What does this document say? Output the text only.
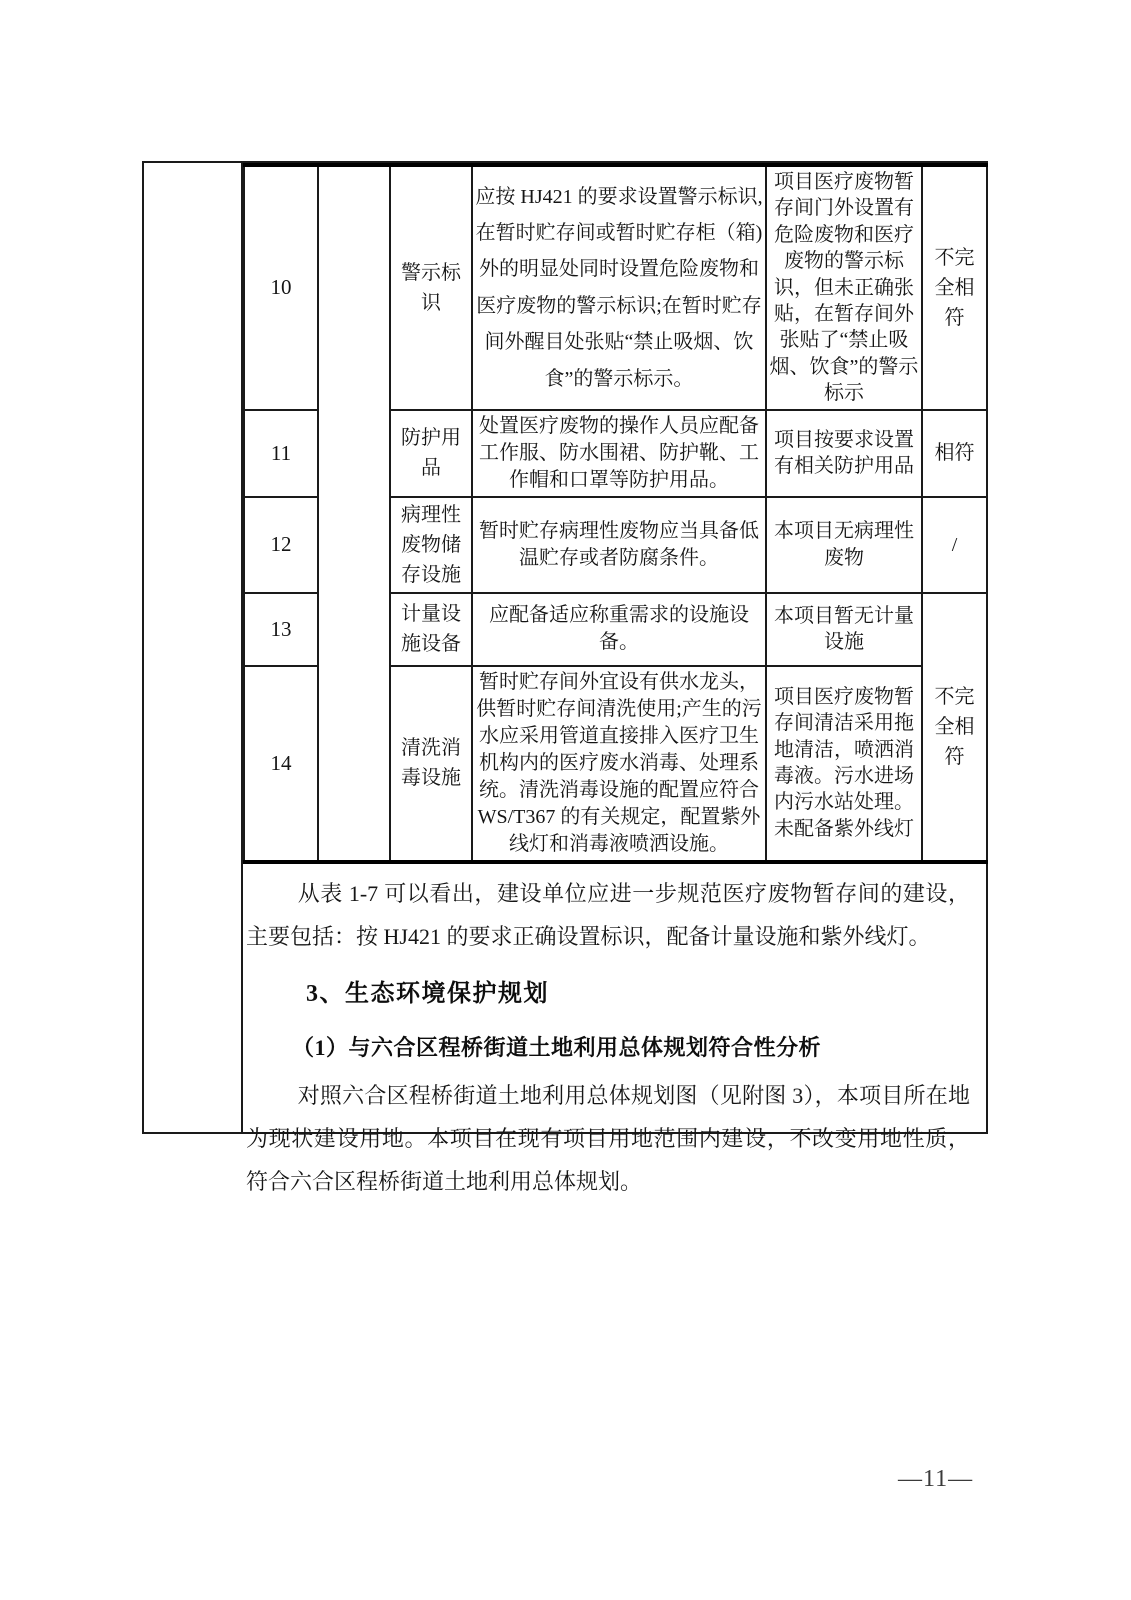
10		警示标识	应按 HJ421 的要求设置警示标识,在暂时贮存间或暂时贮存柜（箱)外的明显处同时设置危险废物和医疗废物的警示标识;在暂时贮存间外醒目处张贴“禁止吸烟、饮食”的警示标示。	项目医疗废物暂存间门外设置有危险废物和医疗废物的警示标识，但未正确张贴，在暂存间外张贴了“禁止吸烟、饮食”的警示标示	不完全相符
11		防护用品	处置医疗废物的操作人员应配备工作服、防水围裙、防护靴、工作帽和口罩等防护用品。	项目按要求设置有相关防护用品	相符
12		病理性废物储存设施	暂时贮存病理性废物应当具备低温贮存或者防腐条件。	本项目无病理性废物	/
13		计量设施设备	应配备适应称重需求的设施设备。	本项目暂无计量设施	不完全相符
14		清洗消毒设施	暂时贮存间外宜设有供水龙头，供暂时贮存间清洗使用;产生的污水应采用管道直接排入医疗卫生机构内的医疗废水消毒、处理系统。清洗消毒设施的配置应符合 WS/T367 的有关规定，配置紫外线灯和消毒液喷洒设施。	项目医疗废物暂存间清洁采用拖地清洁，喷洒消毒液。污水进场内污水站处理。未配备紫外线灯	

从表 1-7 可以看出，建设单位应进一步规范医疗废物暂存间的建设，主要包括：按 HJ421 的要求正确设置标识，配备计量设施和紫外线灯。

3、生态环境保护规划
（1）与六合区程桥街道土地利用总体规划符合性分析

对照六合区程桥街道土地利用总体规划图（见附图 3），本项目所在地为现状建设用地。本项目在现有项目用地范围内建设，不改变用地性质，符合六合区程桥街道土地利用总体规划。

—11—
